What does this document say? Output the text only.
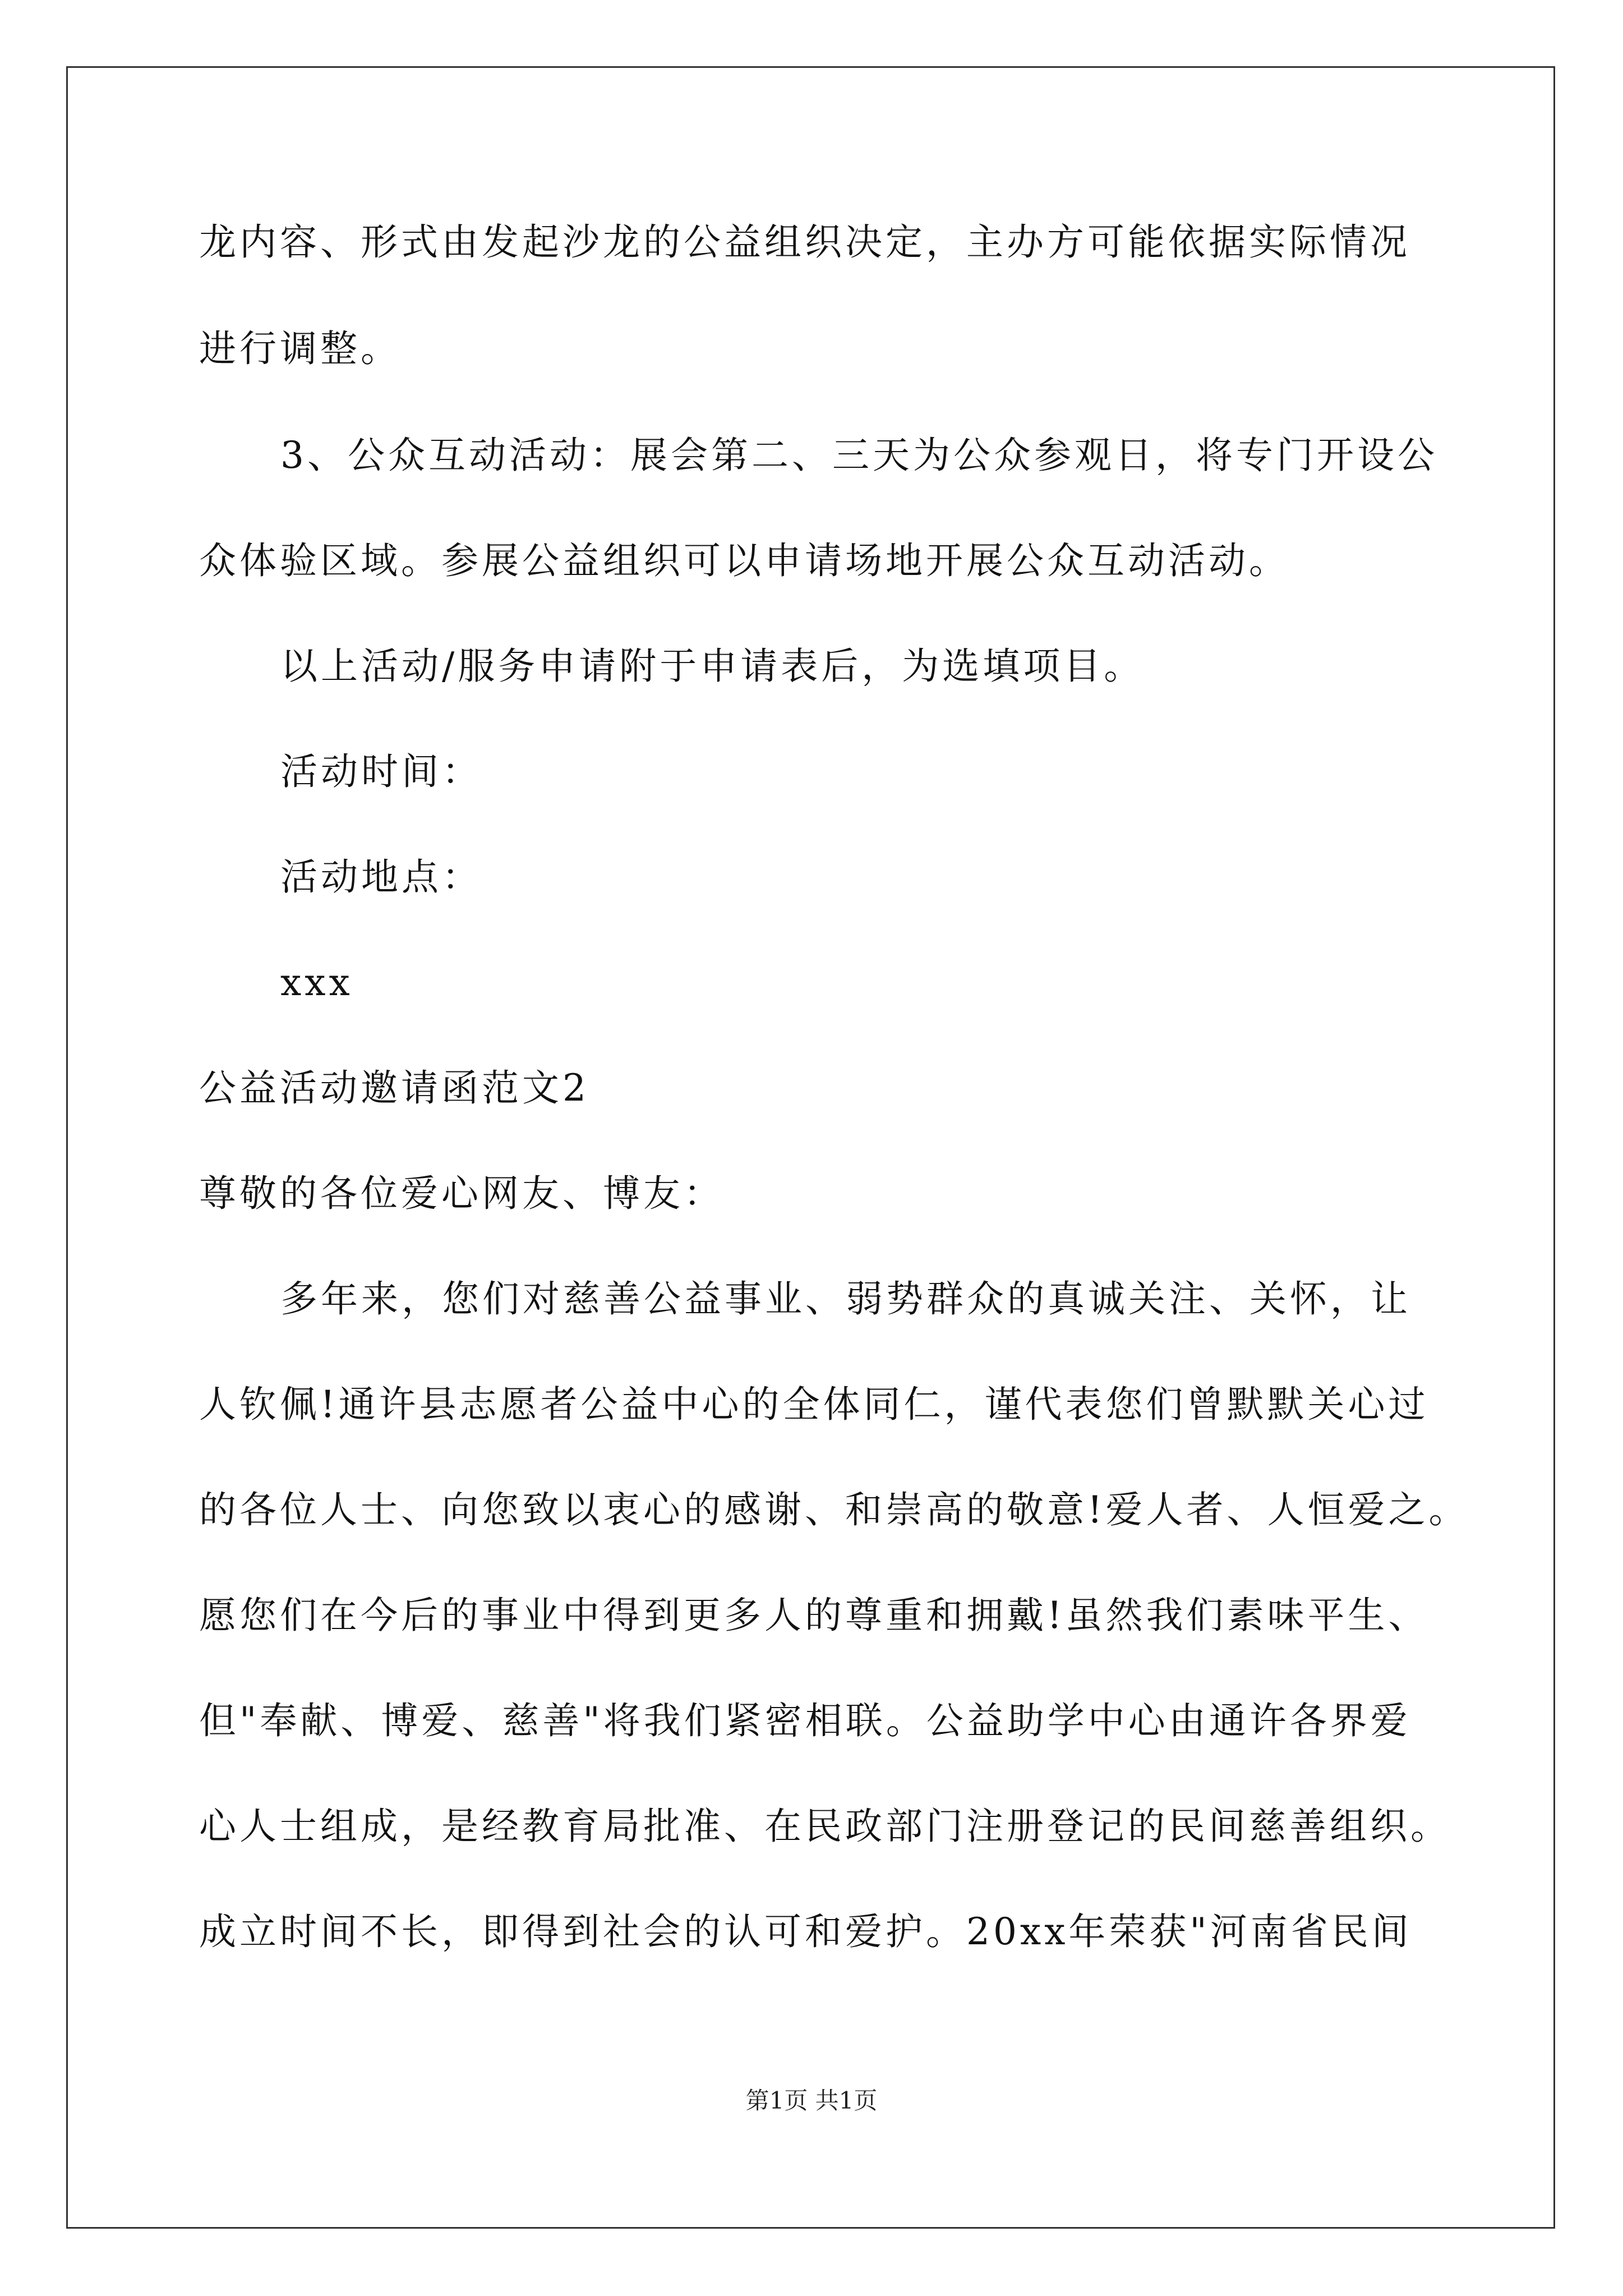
龙内容、形式由发起沙龙的公益组织决定，主办方可能依据实际情况
进行调整。
3、公众互动活动：展会第二、三天为公众参观日，将专门开设公
众体验区域。参展公益组织可以申请场地开展公众互动活动。
以上活动/服务申请附于申请表后，为选填项目。
活动时间：
活动地点：
xxx
公益活动邀请函范文2
尊敬的各位爱心网友、博友：
多年来，您们对慈善公益事业、弱势群众的真诚关注、关怀，让
人钦佩!通许县志愿者公益中心的全体同仁，谨代表您们曾默默关心过
的各位人士、向您致以衷心的感谢、和崇高的敬意!爱人者、人恒爱之。
愿您们在今后的事业中得到更多人的尊重和拥戴!虽然我们素味平生、
但"奉献、博爱、慈善"将我们紧密相联。公益助学中心由通许各界爱
心人士组成，是经教育局批准、在民政部门注册登记的民间慈善组织。
成立时间不长，即得到社会的认可和爱护。20xx年荣获"河南省民间
第1页 共1页
